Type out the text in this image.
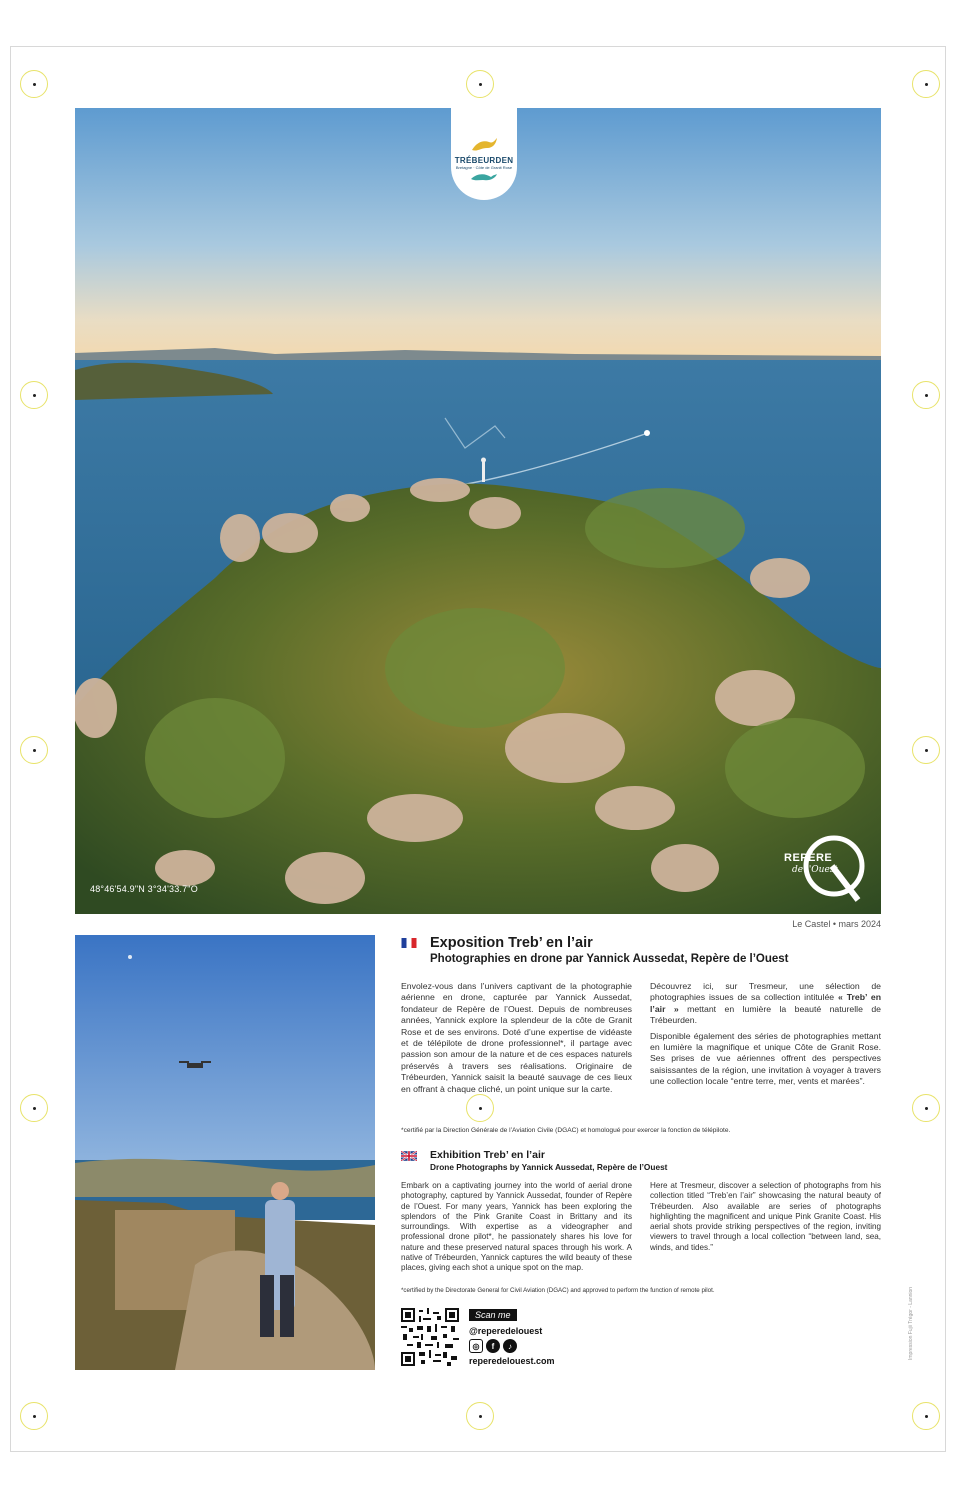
TRÉBEURDEN
Bretagne · Côte de Granit Rose
48°46'54.9"N 3°34'33.7"O
REPÈRE
de l'Ouest
Le Castel • mars 2024
Exposition Treb’ en l’air
Photographies en drone par Yannick Aussedat, Repère de l’Ouest
Envolez-vous dans l’univers captivant de la photographie aérienne en drone, capturée par Yannick Aussedat, fondateur de Repère de l’Ouest. Depuis de nombreuses années, Yannick explore la splendeur de la côte de Granit Rose et de ses environs. Doté d’une expertise de vidéaste et de télépilote de drone professionnel*, il partage avec passion son amour de la nature et de ces espaces naturels préservés à travers ses réalisations. Originaire de Trébeurden, Yannick saisit la beauté sauvage de ces lieux en offrant à chaque cliché, un point unique sur la carte.

Découvrez ici, sur Tresmeur, une sélection de photographies issues de sa collection intitulée « Treb’ en l’air » mettant en lumière la beauté naturelle de Trébeurden.

Disponible également des séries de photographies mettant en lumière la magnifique et unique Côte de Granit Rose. Ses prises de vue aériennes offrent des perspectives saisissantes de la région, une invitation à voyager à travers une collection locale “entre terre, mer, vents et marées”.

*certifié par la Direction Générale de l’Aviation Civile (DGAC) et homologué pour exercer la fonction de télépilote.
Exhibition Treb’ en l’air
Drone Photographs by Yannick Aussedat, Repère de l’Ouest
Embark on a captivating journey into the world of aerial drone photography, captured by Yannick Aussedat, founder of Repère de l’Ouest. For many years, Yannick has been exploring the splendors of the Pink Granite Coast in Brittany and its surroundings. With expertise as a videographer and professional drone pilot*, he passionately shares his love for nature and these preserved natural spaces through his work. A native of Trébeurden, Yannick captures the wild beauty of these places, giving each shot a unique spot on the map.
Here at Tresmeur, discover a selection of photographs from his collection titled “Treb’en l’air” showcasing the natural beauty of Trébeurden. Also available are series of photographs highlighting the magnificent and unique Pink Granite Coast. His aerial shots provide striking perspectives of the region, inviting viewers to travel through a local collection “between land, sea, winds, and tides.”
*certified by the Directorate General for Civil Aviation (DGAC) and approved to perform the function of remote pilot.
Scan me
@reperedelouest
◎	f	♪
reperedelouest.com
